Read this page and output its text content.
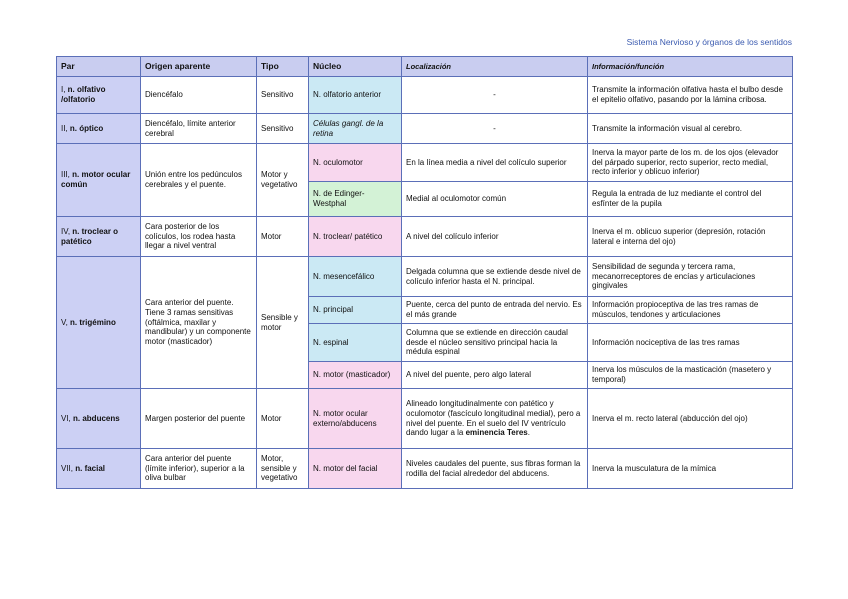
Sistema Nervioso y órganos de los sentidos
Par	Origen aparente	Tipo	Núcleo	Localización	Información/función
I, n. olfativo /olfatorio	Diencéfalo	Sensitivo	N. olfatorio anterior	-	Transmite la información olfativa hasta el bulbo desde el epitelio olfativo, pasando por la lámina cribosa.
II, n. óptico	Diencéfalo, límite anterior cerebral	Sensitivo	Células gangl. de la retina	-	Transmite la información visual al cerebro.
III, n. motor ocular común	Unión entre los pedúnculos cerebrales y el puente.	Motor y vegetativo	N. oculomotor	En la línea media a nivel del colículo superior	Inerva la mayor parte de los m. de los ojos (elevador del párpado superior, recto superior, recto medial, recto inferior y oblicuo inferior)
			N. de Edinger-Westphal	Medial al oculomotor común	Regula la entrada de luz mediante el control del esfínter de la pupila
IV, n. troclear o patético	Cara posterior de los colículos, los rodea hasta llegar a nivel ventral	Motor	N. troclear/ patético	A nivel del colículo inferior	Inerva el m. oblicuo superior (depresión, rotación lateral e interna del ojo)
V, n. trigémino	Cara anterior del puente. Tiene 3 ramas sensitivas (oftálmica, maxilar y mandibular) y un componente motor (masticador)	Sensible y motor	N. mesencefálico	Delgada columna que se extiende desde nivel de colículo inferior hasta el N. principal.	Sensibilidad de segunda y tercera rama, mecanorreceptores de encías y articulaciones gingivales
			N. principal	Puente, cerca del punto de entrada del nervio. Es el más grande	Información propioceptiva de las tres ramas de músculos, tendones y articulaciones
			N. espinal	Columna que se extiende en dirección caudal desde el núcleo sensitivo principal hacia la médula espinal	Información nociceptiva de las tres ramas
			N. motor (masticador)	A nivel del puente, pero algo lateral	Inerva los músculos de la masticación (masetero y temporal)
VI, n. abducens	Margen posterior del puente	Motor	N. motor ocular externo/abducens	Alineado longitudinalmente con patético y oculomotor (fascículo longitudinal medial), pero a nivel del puente. En el suelo del IV ventrículo dando lugar a la eminencia Teres.	Inerva el m. recto lateral (abducción del ojo)
VII, n. facial	Cara anterior del puente (límite inferior), superior a la oliva bulbar	Motor, sensible y vegetativo	N. motor del facial	Niveles caudales del puente, sus fibras forman la rodilla del facial alrededor del abducens.	Inerva la musculatura de la mímica
